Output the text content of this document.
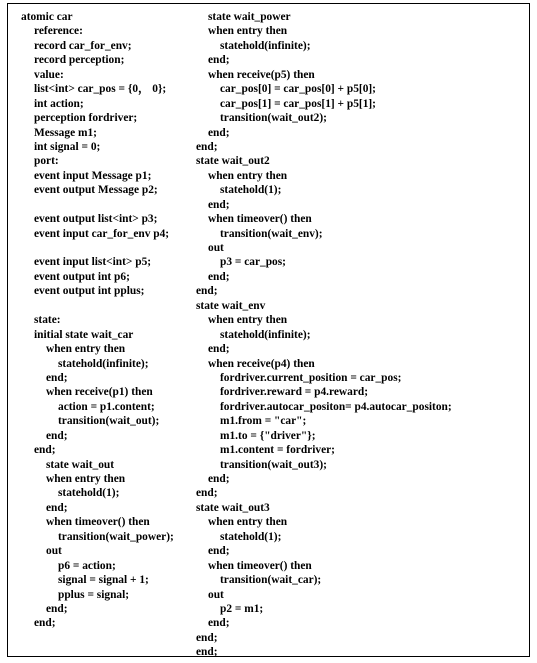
atomic car
reference:
record car_for_env;
record perception;
value:
list<int> car_pos = {0， 0};
int action;
perception fordriver;
Message m1;
int signal = 0;
port:
event input Message p1;
event output Message p2;
event output list<int> p3;
event input car_for_env p4;
event input list<int> p5;
event output int p6;
event output int pplus;
state:
initial state wait_car
when entry then
statehold(infinite);
end;
when receive(p1) then
action = p1.content;
transition(wait_out);
end;
end;
state wait_out
when entry then
statehold(1);
end;
when timeover() then
transition(wait_power);
out
p6 = action;
signal = signal + 1;
pplus = signal;
end;
end;
state wait_power
when entry then
statehold(infinite);
end;
when receive(p5) then
car_pos[0] = car_pos[0] + p5[0];
car_pos[1] = car_pos[1] + p5[1];
transition(wait_out2);
end;
end;
state wait_out2
when entry then
statehold(1);
end;
when timeover() then
transition(wait_env);
out
p3 = car_pos;
end;
end;
state wait_env
when entry then
statehold(infinite);
end;
when receive(p4) then
fordriver.current_position = car_pos;
fordriver.reward = p4.reward;
fordriver.autocar_positon= p4.autocar_positon;
m1.from = "car";
m1.to = {"driver"};
m1.content = fordriver;
transition(wait_out3);
end;
end;
state wait_out3
when entry then
statehold(1);
end;
when timeover() then
transition(wait_car);
out
p2 = m1;
end;
end;
end;
